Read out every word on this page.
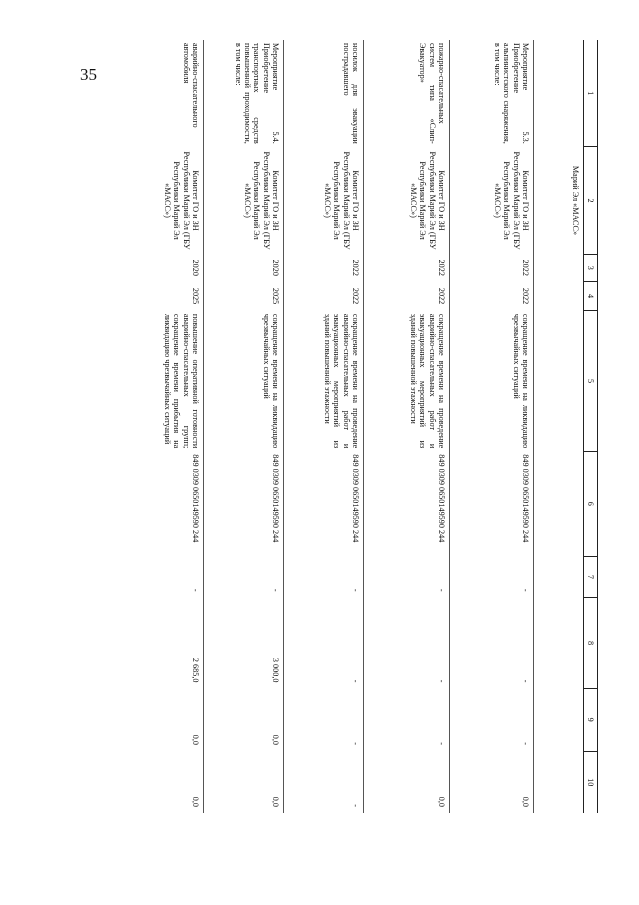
35
1	2	3	4	5	6	7	8	9	10
	Марий Эл «МАСС»								
Мероприятие 5.3. Приобретение альпинистского снаряжения, в том числе:	Комитет ГО и ЗН Республики Марий Эл (ГБУ Республики Марий Эл «МАСС»)	2022	2022	сокращение времени на ликвидацию чрезвычайных ситуаций	849 0309 0650149590 244	-	-	-	0,0
пожарно-спасательных систем типа «Слип-Эвакуатор»	Комитет ГО и ЗН Республики Марий Эл (ГБУ Республики Марий Эл «МАСС»)	2022	2022	сокращение времени на проведение аварийно-спасательных работ и эвакуационных мероприятий из зданий повышенной этажности	849 0309 0650149590 244	-	-	-	0,0
носилок для эвакуации пострадавшего	Комитет ГО и ЗН Республики Марий Эл (ГБУ Республики Марий Эл «МАСС»)	2022	2022	сокращение времени на проведение аварийно-спасательных работ и эвакуационных мероприятий из зданий повышенной этажности	849 0309 0650149590 244	-	-	-	-
Мероприятие 5.4. Приобретение транспортных средств повышенной проходимости, в том числе:	Комитет ГО и ЗН Республики Марий Эл (ГБУ Республики Марий Эл «МАСС»)	2020	2025	сокращение времени на ликвидацию чрезвычайных ситуаций	849 0309 0650149590 244	-	3 000,0	0,0	0,0
аварийно-спасательного автомобиля	Комитет ГО и ЗН Республики Марий Эл (ГБУ Республики Марий Эл «МАСС»)	2020	2025	повышение оперативной готовности аварийно-спасательных групп; сокращение времени прибытия на ликвидацию чрезвычайных ситуаций	849 0309 0650149590 244	-	2 685,0	0,0	0,0
